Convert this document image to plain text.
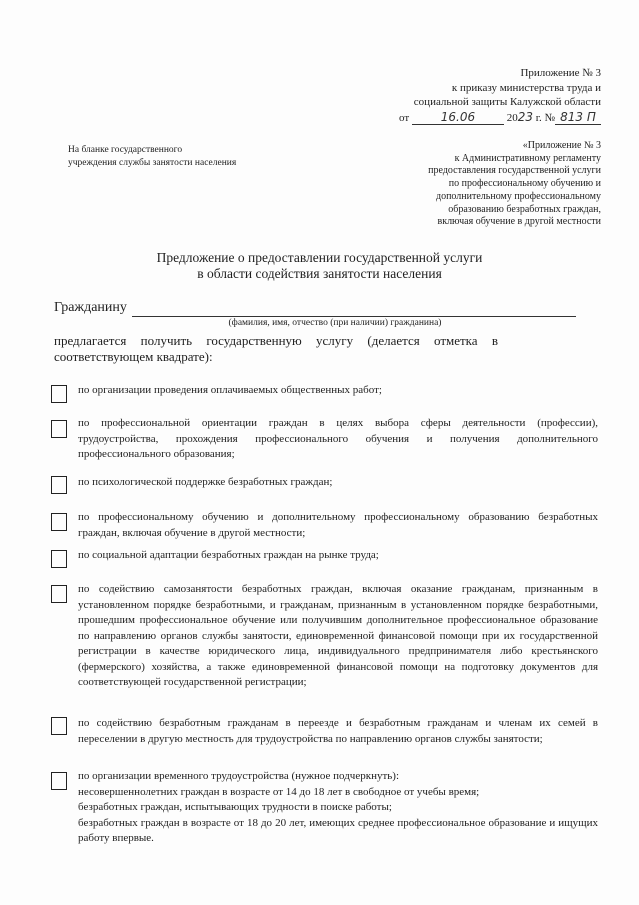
Приложение № 3
к приказу министерства труда и
социальной защиты Калужской области
от	16.06	2023 г. № 813 П
На бланке государственного
учреждения службы занятости населения
«Приложение № 3
к Административному регламенту
предоставления государственной услуги
по профессиональному обучению и
дополнительному профессиональному
образованию безработных граждан,
включая обучение в другой местности
Предложение о предоставлении государственной услуги
в области содействия занятости населения
Гражданину
(фамилия, имя, отчество (при наличии) гражданина)
предлагается получить государственную услугу (делается отметка в соответствующем квадрате):
по организации проведения оплачиваемых общественных работ;
по профессиональной ориентации граждан в целях выбора сферы деятельности (профессии), трудоустройства, прохождения профессионального обучения и получения дополнительного профессионального образования;
по психологической поддержке безработных граждан;
по профессиональному обучению и дополнительному профессиональному образованию безработных граждан, включая обучение в другой местности;
по социальной адаптации безработных граждан на рынке труда;
по содействию самозанятости безработных граждан, включая оказание гражданам, признанным в установленном порядке безработными, и гражданам, признанным в установленном порядке безработными, прошедшим профессиональное обучение или получившим дополнительное профессиональное образование по направлению органов службы занятости, единовременной финансовой помощи при их государственной регистрации в качестве юридического лица, индивидуального предпринимателя либо крестьянского (фермерского) хозяйства, а также единовременной финансовой помощи на подготовку документов для соответствующей государственной регистрации;
по содействию безработным гражданам в переезде и безработным гражданам и членам их семей в переселении в другую местность для трудоустройства по направлению органов службы занятости;
по организации временного трудоустройства (нужное подчеркнуть):
несовершеннолетних граждан в возрасте от 14 до 18 лет в свободное от учебы время;
безработных граждан, испытывающих трудности в поиске работы;
безработных граждан в возрасте от 18 до 20 лет, имеющих среднее профессиональное образование и ищущих работу впервые.
